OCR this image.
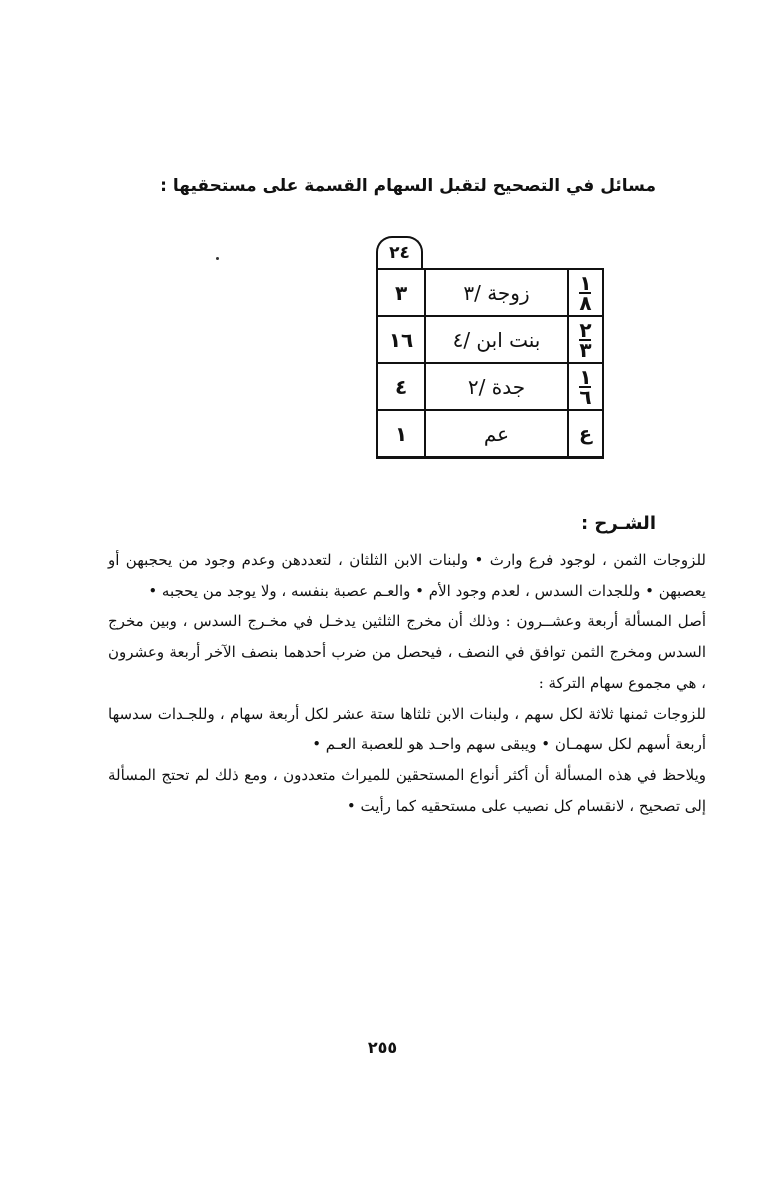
مسائل في التصحيح لتقبل السهام القسمة على مستحقيها :
٢٤
$\frac{١}{٨}$	زوجة /٣	٣

$\frac{٢}{٣}$	بنت ابن /٤	١٦

$\frac{١}{٦}$	جدة /٢	٤
ع	عم	١
الشـرح :

للزوجات الثمن ، لوجود فرع وارث • ولبنات الابن الثلثان ، لتعددهن وعدم وجود من يحجبهن أو يعصبهن • وللجدات السدس ، لعدم وجود الأم • والعـم عصبة بنفسه ، ولا يوجد من يحجبه •

أصل المسألة أربعة وعشــرون : وذلك أن مخرج الثلثين يدخـل في مخـرج السدس ، وبين مخرج السدس ومخرج الثمن توافق في النصف ، فيحصل من ضرب أحدهما بنصف الآخر أربعة وعشرون ، هي مجموع سهام التركة :

للزوجات ثمنها ثلاثة لكل سهم ، ولبنات الابن ثلثاها ستة عشر لكل أربعة سهام ، وللجـدات سدسها أربعة أسهم لكل سهمـان • ويبقى سهم واحـد هو للعصبة العـم •

ويلاحظ في هذه المسألة أن أكثر أنواع المستحقين للميراث متعددون ، ومع ذلك لم تحتج المسألة إلى تصحيح ، لانقسام كل نصيب على مستحقيه كما رأيت •

٢٥٥
